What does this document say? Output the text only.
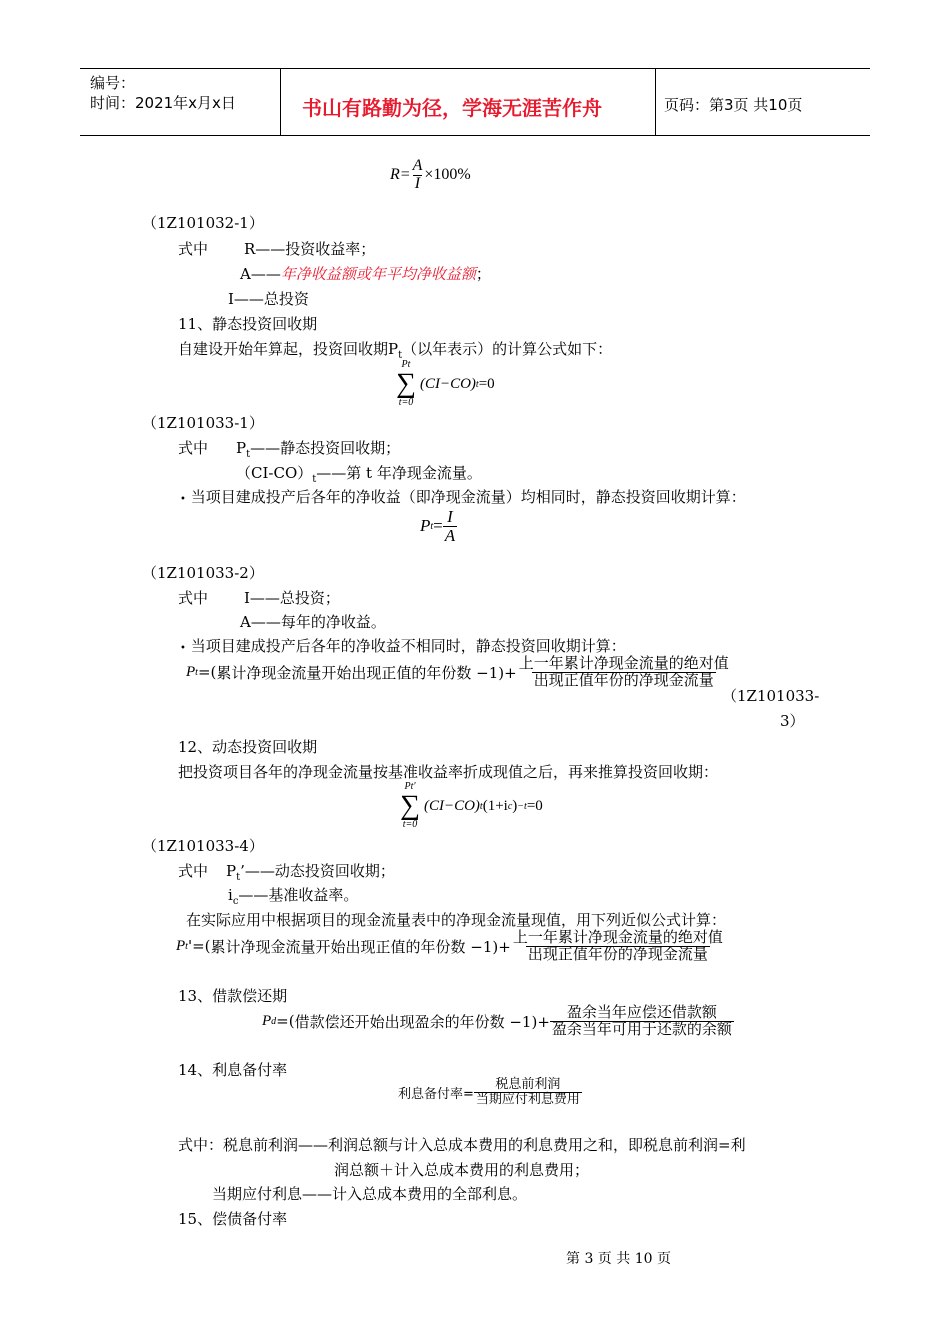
编号：
时间：2021年x月x日	书山有路勤为径，学海无涯苦作舟	页码：第3页 共10页
$R= \frac{A}{I} \times 100\%$
（1Z101032-1）
式中 R——投资收益率；
A——年净收益额或年平均净收益额；
I——总投资
11、静态投资回收期
自建设开始年算起，投资回收期$P_t$（以年表示）的计算公式如下：
Pt
∑
t=0
(CI−CO) t =0
（1Z101033-1）
式中 $P_t——$静态投资回收期；
$(CI-CO)_t——$第 t 年净现金流量。
• 当项目建成投产后各年的净收益（即净现金流量）均相同时，静态投资回收期计算：
P $t = \frac{I}{A}$
（1Z101033-2）
式中 I——总投资；
A——每年的净收益。
• 当项目建成投产后各年的净收益不相同时，静态投资回收期计算：
P t =( 累计净现金流量开始出现正值的年份数 $-1)+ \frac{\text{上一年累计净现金流量的绝对值}}{\text{出现正值年份的净现金流量}}$
（1Z101033-
3）
12、动态投资回收期
把投资项目各年的净现金流量按基准收益率折成现值之后，再来推算投资回收期：
Pt'
∑
t=0
(CI−CO) t (1+i c ) −t =0
（1Z101033-4）
式中 $P_t’——$动态投资回收期；
$i_c——$基准收益率。
在实际应用中根据项目的现金流量表中的净现金流量现值，用下列近似公式计算：
P t '=( 累计净现金流量开始出现正值的年份数 $-1)+ \frac{\text{上一年累计净现金流量的绝对值}}{\text{出现正值年份的净现金流量}}$
13、借款偿还期
P d =( 借款偿还开始出现盈余的年份数 $-1)+ \frac{\text{盈余当年应偿还借款额}}{\text{盈余当年可用于还款的余额}}$
14、利息备付率
利息备付率= $\frac{\text{税息前利润}}{\text{当期应付利息费用}}$
式中：税息前利润——利润总额与计入总成本费用的利息费用之和，即税息前利润=利
润总额＋计入总成本费用的利息费用；
当期应付利息——计入总成本费用的全部利息。
15、偿债备付率
第 3 页 共 10 页
